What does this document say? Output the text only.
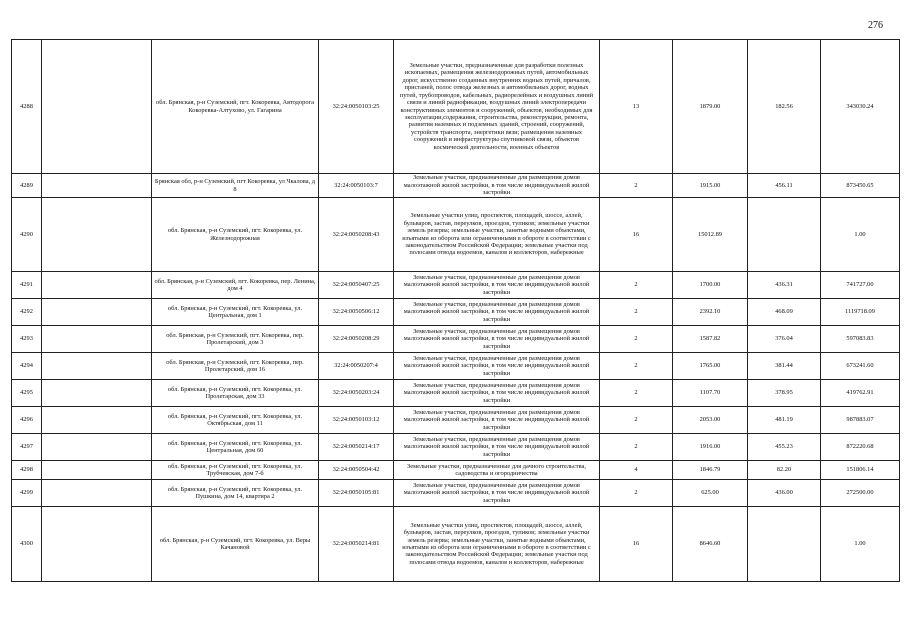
276
4288		обл. Брянская, р-н Суземский, пгт. Кокоревка, Автодорога Кокоревка-Алтухово, ул. Гагарина	32:24:0050103:25	Земельные участки, предназначенные для разработки полезных ископаемых, размещения железнодорожных путей, автомобильных дорог, искусственно созданных внутренних водных путей, причалов, пристаней, полос отвода железных и автомобильных дорог, водных путей, трубопроводов, кабельных, радиорелейных и воздушных линий связи и линий радиофикации, воздушных линий электропередачи конструктивных элементов и сооружений, объектов, необходимых для эксплуатации,содержания, строительства, реконструкции, ремонта, развития наземных и подземных зданий, строений, сооружений, устройств транспорта, энергетики вязи; размещения наземных сооружений и инфраструктуры спутниковой связи, объектов космической деятельности, военных объектов	13	1879.00	182.56	343030.24
4289		Брянская обл, р-н Суземский, пгт Кокоревка, ул Чкалова, д 8	32:24:0050103:7	Земельные участки, предназначенные для размещения домов малоэтажной жилой застройки, в том числе индивидуальной жилой застройки	2	1915.00	456.11	873450.65
4290		обл. Брянская, р-н Суземский, пгт. Кокоревка, ул. Железнодорожная	32:24:0050208:43	Земельные участки улиц, проспектов, площадей, шоссе, аллей, бульваров, застав, переулков, проездов, тупиков; земельные участки земель резерва; земельные участки, занятые водными объектами, изъятыми из оборота или ограниченными в обороте в соответствии с законодательством Российской Федерации; земельные участки под полосами отвода водоемов, каналов и коллекторов, набережные	16	15012.89		1.00
4291		обл. Брянская, р-н Суземский, пгт. Кокоревка, пер. Ленина, дом 4	32:24:0050407:25	Земельные участки, предназначенные для размещения домов малоэтажной жилой застройки, в том числе индивидуальной жилой застройки	2	1700.00	436.31	741727.00
4292		обл. Брянская, р-н Суземский, пгт. Кокоревка, ул. Центральная, дом 1	32:24:0050506:12	Земельные участки, предназначенные для размещения домов малоэтажной жилой застройки, в том числе индивидуальной жилой застройки	2	2392.10	468.09	1119718.09
4293		обл. Брянская, р-н Суземский, пгт. Кокоревка, пер. Пролетарский, дом 3	32:24:0050208:29	Земельные участки, предназначенные для размещения домов малоэтажной жилой застройки, в том числе индивидуальной жилой застройки	2	1587.82	376.04	597083.83
4294		обл. Брянская, р-н Суземский, пгт. Кокоревка, пер. Пролетарский, дом 16	32:24:0050207:4	Земельные участки, предназначенные для размещения домов малоэтажной жилой застройки, в том числе индивидуальной жилой застройки	2	1765.00	381.44	673241.60
4295		обл. Брянская, р-н Суземский, пгт. Кокоревка, ул. Пролетарская, дом 33	32:24:0050203:24	Земельные участки, предназначенные для размещения домов малоэтажной жилой застройки, в том числе индивидуальной жилой застройки	2	1107.70	378.95	419762.91
4296		обл. Брянская, р-н Суземский, пгт. Кокоревка, ул. Октябрьская, дом 11	32:24:0050103:12	Земельные участки, предназначенные для размещения домов малоэтажной жилой застройки, в том числе индивидуальной жилой застройки	2	2053.00	481.19	987883.07
4297		обл. Брянская, р-н Суземский, пгт. Кокоревка, ул. Центральная, дом 60	32:24:0050214:17	Земельные участки, предназначенные для размещения домов малоэтажной жилой застройки, в том числе индивидуальной жилой застройки	2	1916.00	455.23	872220.68
4298		обл. Брянская, р-н Суземский, пгт. Кокоревка, ул. Трубчевская, дом 7-б	32:24:0050504:42	Земельные участки, предназначенные для дачного строительства, садоводства и огородничества	4	1846.79	82.20	151806.14
4299		обл. Брянская, р-н Суземский, пгт. Кокоревка, ул. Пушкина, дом 14, квартира 2	32:24:0050105:81	Земельные участки, предназначенные для размещения домов малоэтажной жилой застройки, в том числе индивидуальной жилой застройки	2	625.00	436.00	272500.00
4300		обл. Брянская, р-н Суземский, пгт. Кокоревка, ул. Веры Качановой	32:24:0050214:81	Земельные участки улиц, проспектов, площадей, шоссе, аллей, бульваров, застав, переулков, проездов, тупиков; земельные участки земель резерва; земельные участки, занятые водными объектами, изъятыми из оборота или ограниченными в обороте в соответствии с законодательством Российской Федерации; земельные участки под полосами отвода водоемов, каналов и коллекторов, набережные	16	8646.60		1.00
